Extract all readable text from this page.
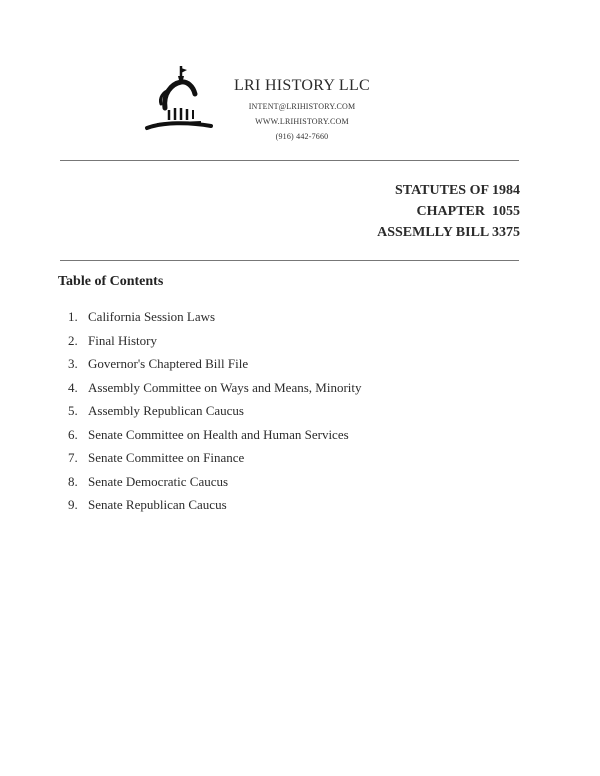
LRI HISTORY LLC
INTENT@LRIHISTORY.COM
WWW.LRIHISTORY.COM
(916) 442-7660
STATUTES OF 1984
CHAPTER  1055
ASSEMLLY BILL 3375
Table of Contents
1. California Session Laws
2. Final History
3. Governor's Chaptered Bill File
4. Assembly Committee on Ways and Means, Minority
5. Assembly Republican Caucus
6. Senate Committee on Health and Human Services
7. Senate Committee on Finance
8. Senate Democratic Caucus
9. Senate Republican Caucus
